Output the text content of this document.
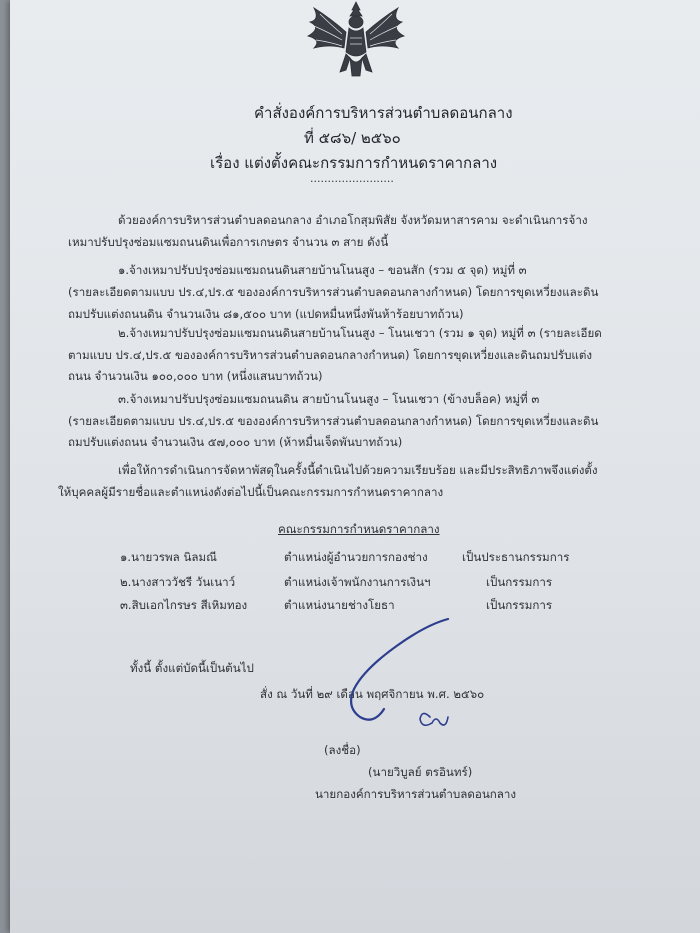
คำสั่งองค์การบริหารส่วนตำบลดอนกลาง
ที่ ๕๘๖/ ๒๕๖๐
เรื่อง แต่งตั้งคณะกรรมการกำหนดราคากลาง
........................
ด้วยองค์การบริหารส่วนตำบลดอนกลาง อำเภอโกสุมพิสัย จังหวัดมหาสารคาม จะดำเนินการจ้าง
เหมาปรับปรุงซ่อมแซมถนนดินเพื่อการเกษตร จำนวน ๓ สาย ดังนี้
๑.จ้างเหมาปรับปรุงซ่อมแซมถนนดินสายบ้านโนนสูง – ขอนสัก (รวม ๕ จุด) หมู่ที่ ๓
(รายละเอียดตามแบบ ปร.๔,ปร.๕ ขององค์การบริหารส่วนตำบลดอนกลางกำหนด) โดยการขุดเหวี่ยงและดิน
ถมปรับแต่งถนนดิน จำนวนเงิน ๘๑,๕๐๐ บาท (แปดหมื่นหนึ่งพันห้าร้อยบาทถ้วน)
๒.จ้างเหมาปรับปรุงซ่อมแซมถนนดินสายบ้านโนนสูง – โนนเชวา (รวม ๑ จุด) หมู่ที่ ๓ (รายละเอียด
ตามแบบ ปร.๔,ปร.๕ ขององค์การบริหารส่วนตำบลดอนกลางกำหนด) โดยการขุดเหวี่ยงและดินถมปรับแต่ง
ถนน จำนวนเงิน ๑๐๐,๐๐๐ บาท (หนึ่งแสนบาทถ้วน)
๓.จ้างเหมาปรับปรุงซ่อมแซมถนนดิน สายบ้านโนนสูง – โนนเชวา (ข้างบล็อค) หมู่ที่ ๓
(รายละเอียดตามแบบ ปร.๔,ปร.๕ ขององค์การบริหารส่วนตำบลดอนกลางกำหนด) โดยการขุดเหวี่ยงและดิน
ถมปรับแต่งถนน จำนวนเงิน ๕๗,๐๐๐ บาท (ห้าหมื่นเจ็ดพันบาทถ้วน)
เพื่อให้การดำเนินการจัดหาพัสดุในครั้งนี้ดำเนินไปด้วยความเรียบร้อย และมีประสิทธิภาพจึงแต่งตั้ง
ให้บุคคลผู้มีรายชื่อและตำแหน่งดังต่อไปนี้เป็นคณะกรรมการกำหนดราคากลาง
คณะกรรมการกำหนดราคากลาง
๑.นายวรพล นิลมณี	ตำแหน่งผู้อำนวยการกองช่าง	เป็นประธานกรรมการ
๒.นางสาววัชรี วันเนาว์	ตำแหน่งเจ้าพนักงานการเงินฯ	เป็นกรรมการ
๓.สิบเอกไกรษร สีเหิมทอง	ตำแหน่งนายช่างโยธา	เป็นกรรมการ
ทั้งนี้ ตั้งแต่บัดนี้เป็นต้นไป
สั่ง ณ วันที่ ๒๙ เดือน พฤศจิกายน พ.ศ. ๒๕๖๐
(ลงชื่อ)
(นายวิบูลย์ ตรอินทร์)
นายกองค์การบริหารส่วนตำบลดอนกลาง
